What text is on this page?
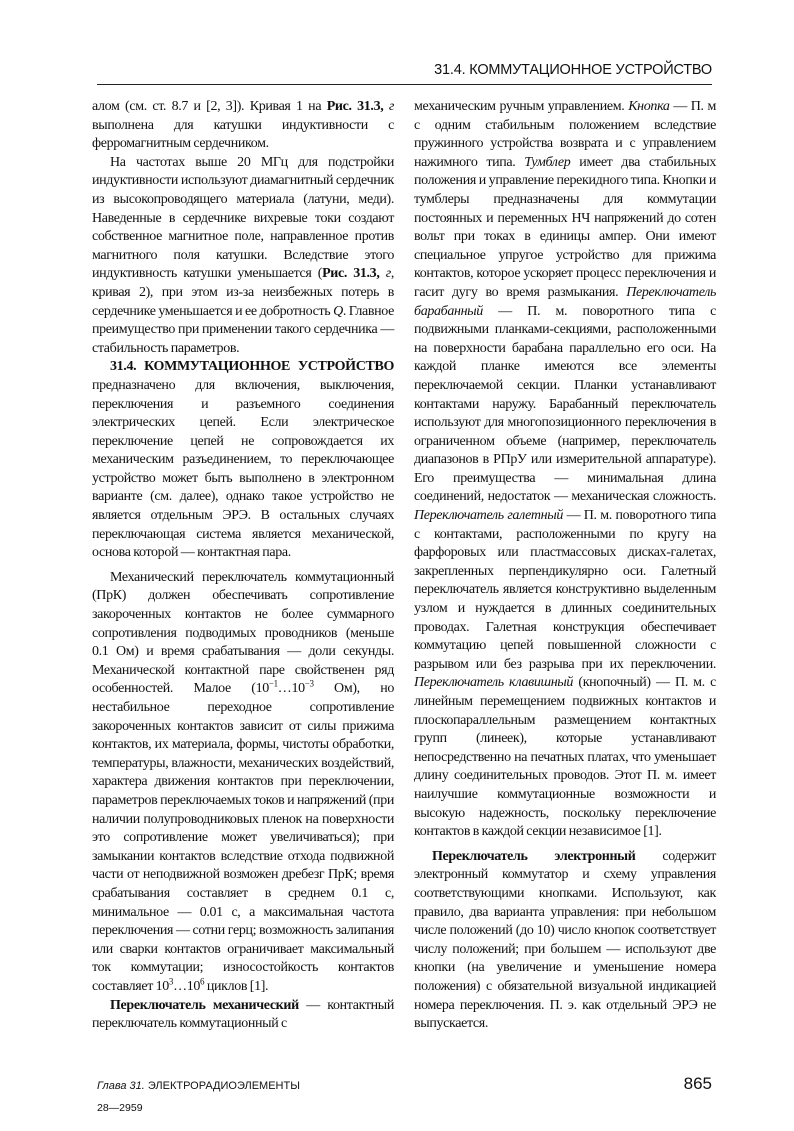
31.4. КОММУТАЦИОННОЕ УСТРОЙСТВО

алом (см. ст. 8.7 и [2, 3]). Кривая 1 на Рис. 31.3, г выполнена для катушки индуктивности с ферромагнитным сердечником.

На частотах выше 20 МГц для подстройки индуктивности используют диамагнитный сердечник из высокопроводящего материала (латуни, меди). Наведенные в сердечнике вихревые токи создают собственное магнитное поле, направленное против магнитного поля катушки. Вследствие этого индуктивность катушки уменьшается (Рис. 31.3, г, кривая 2), при этом из-за неизбежных потерь в сердечнике уменьшается и ее добротность Q. Главное преимущество при применении такого сердечника — стабильность параметров.

31.4. КОММУТАЦИОННОЕ УСТРОЙСТВО предназначено для включения, выключения, переключения и разъемного соединения электрических цепей. Если электрическое переключение цепей не сопровождается их механическим разъединением, то переключающее устройство может быть выполнено в электронном варианте (см. далее), однако такое устройство не является отдельным ЭРЭ. В остальных случаях переключающая система является механической, основа которой — контактная пара.

Механический переключатель коммутационный (ПрК) должен обеспечивать сопротивление закороченных контактов не более суммарного сопротивления подводимых проводников (меньше 0.1 Ом) и время срабатывания — доли секунды. Механической контактной паре свойственен ряд особенностей. Малое ($10^{-1}\dots 10^{-3}$ Ом), но нестабильное переходное сопротивление закороченных контактов зависит от силы прижима контактов, их материала, формы, чистоты обработки, температуры, влажности, механических воздействий, характера движения контактов при переключении, параметров переключаемых токов и напряжений (при наличии полупроводниковых пленок на поверхности это сопротивление может увеличиваться); при замыкании контактов вследствие отхода подвижной части от неподвижной возможен дребезг ПрК; время срабатывания составляет в среднем 0.1 с, минимальное — 0.01 с, а максимальная частота переключения — сотни герц; возможность залипания или сварки контактов ограничивает максимальный ток коммутации; износостойкость контактов составляет $10^3\dots 10^6$ циклов [1].

Переключатель механический — контактный переключатель коммутационный с

механическим ручным управлением. Кнопка — П. м с одним стабильным положением вследствие пружинного устройства возврата и с управлением нажимного типа. Тумблер имеет два стабильных положения и управление перекидного типа. Кнопки и тумблеры предназначены для коммутации постоянных и переменных НЧ напряжений до сотен вольт при токах в единицы ампер. Они имеют специальное упругое устройство для прижима контактов, которое ускоряет процесс переключения и гасит дугу во время размыкания. Переключатель барабанный — П. м. поворотного типа с подвижными планками-секциями, расположенными на поверхности барабана параллельно его оси. На каждой планке имеются все элементы переключаемой секции. Планки устанавливают контактами наружу. Барабанный переключатель используют для многопозиционного переключения в ограниченном объеме (например, переключатель диапазонов в РПрУ или измерительной аппаратуре). Его преимущества — минимальная длина соединений, недостаток — механическая сложность. Переключатель галетный — П. м. поворотного типа с контактами, расположенными по кругу на фарфоровых или пластмассовых дисках-галетах, закрепленных перпендикулярно оси. Галетный переключатель является конструктивно выделенным узлом и нуждается в длинных соединительных проводах. Галетная конструкция обеспечивает коммутацию цепей повышенной сложности с разрывом или без разрыва при их переключении. Переключатель клавишный (кнопочный) — П. м. с линейным перемещением подвижных контактов и плоскопараллельным размещением контактных групп (линеек), которые устанавливают непосредственно на печатных платах, что уменьшает длину соединительных проводов. Этот П. м. имеет наилучшие коммутационные возможности и высокую надежность, поскольку переключение контактов в каждой секции независимое [1].

Переключатель электронный содержит электронный коммутатор и схему управления соответствующими кнопками. Используют, как правило, два варианта управления: при небольшом числе положений (до 10) число кнопок соответствует числу положений; при большем — используют две кнопки (на увеличение и уменьшение номера положения) с обязательной визуальной индикацией номера переключения. П. э. как отдельный ЭРЭ не выпускается.

Глава 31. ЭЛЕКТРОРАДИОЭЛЕМЕНТЫ	865
28—2959
